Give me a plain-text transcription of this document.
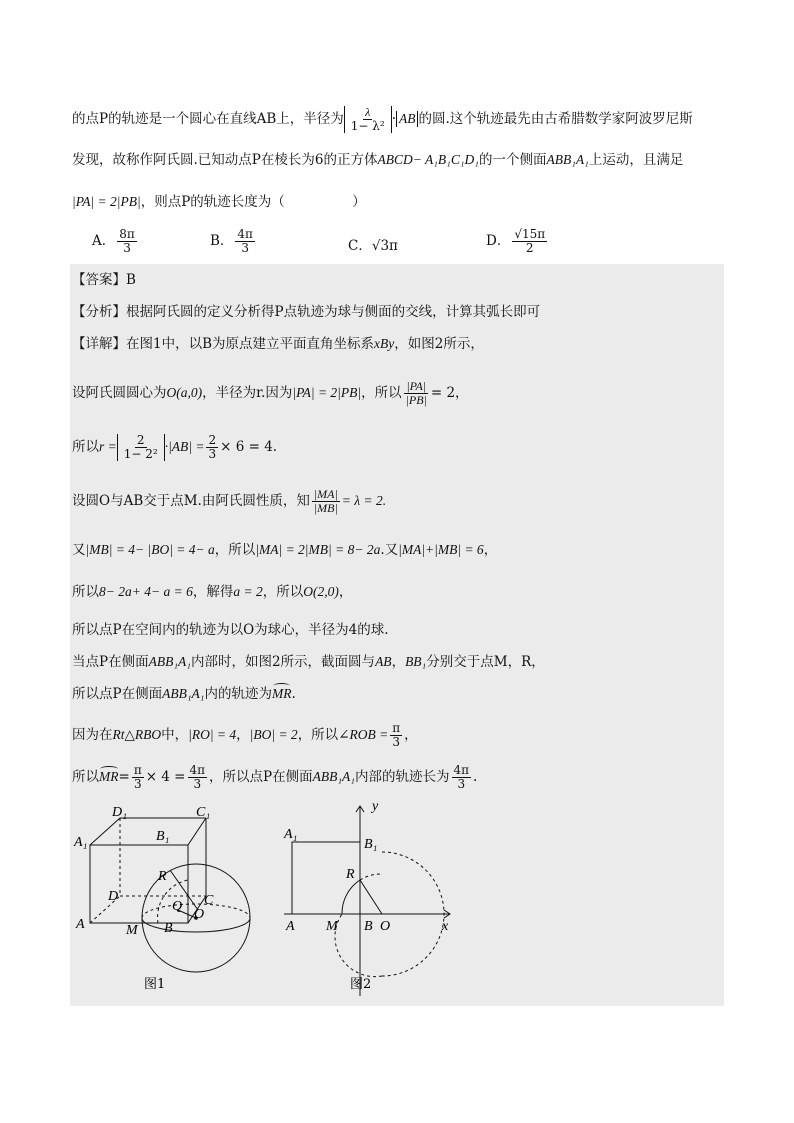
的点P的轨迹是一个圆心在直线AB上，半径为 $\frac{\lambda}{\text{1− λ²}}$ · AB 的圆.这个轨迹最先由古希腊数学家阿波罗尼斯
发现，故称作阿氏圆.已知动点P在棱长为6的正方体ABCD− A₁B₁C₁D₁的一个侧面ABB₁A₁上运动，且满足
|PA| = 2|PB|，则点P的轨迹长度为（　　　　　）
A． $\frac{8\pi}{3}$	B． $\frac{4\pi}{3}$	C．√3π	D． $\frac{√15\pi}{2}$
【答案】B
【分析】根据阿氏圆的定义分析得P点轨迹为球与侧面的交线，计算其弧长即可
【详解】在图1中，以B为原点建立平面直角坐标系xBy，如图2所示，
设阿氏圆圆心为O(a,0)，半径为r.因为|PA| = 2|PB|，所以 $\frac{|PA|}{|PB|} = 2$，
所以$r = \frac{2}{\text{1− 2²}} \cdot|AB| = \frac{2}{3} \times 6 = 4$.
设圆O与AB交于点M.由阿氏圆性质，知 $\frac{|MA|}{|MB|} = \lambda = 2$.
又|MB| = 4− |BO| = 4− a，所以|MA| = 2|MB| = 8− 2a.又|MA|+|MB| = 6，
所以8− 2a+ 4− a = 6，解得a = 2，所以O(2,0)，
所以点P在空间内的轨迹为以O为球心，半径为4的球.
当点P在侧面ABB₁A₁内部时，如图2所示，截面圆与AB，BB₁分别交于点M，R，
所以点P在侧面ABB₁A₁内的轨迹为
MR.
因为在Rt△RBO中，|RO| = 4，|BO| = 2，所以∠ROB = $\frac{\pi}{3}$ ，
所以
$MR= \frac{\pi}{3} \times 4 = \frac{4\pi}{3}$ ，所以点P在侧面ABB₁A₁内部的轨迹长为 $\frac{4\pi}{3}$ .
A₁
D₁	C₁
B₁
D	C
A	M B
R
Q
O
图1
y
x
A₁
B₁
R
A M B O
图2
